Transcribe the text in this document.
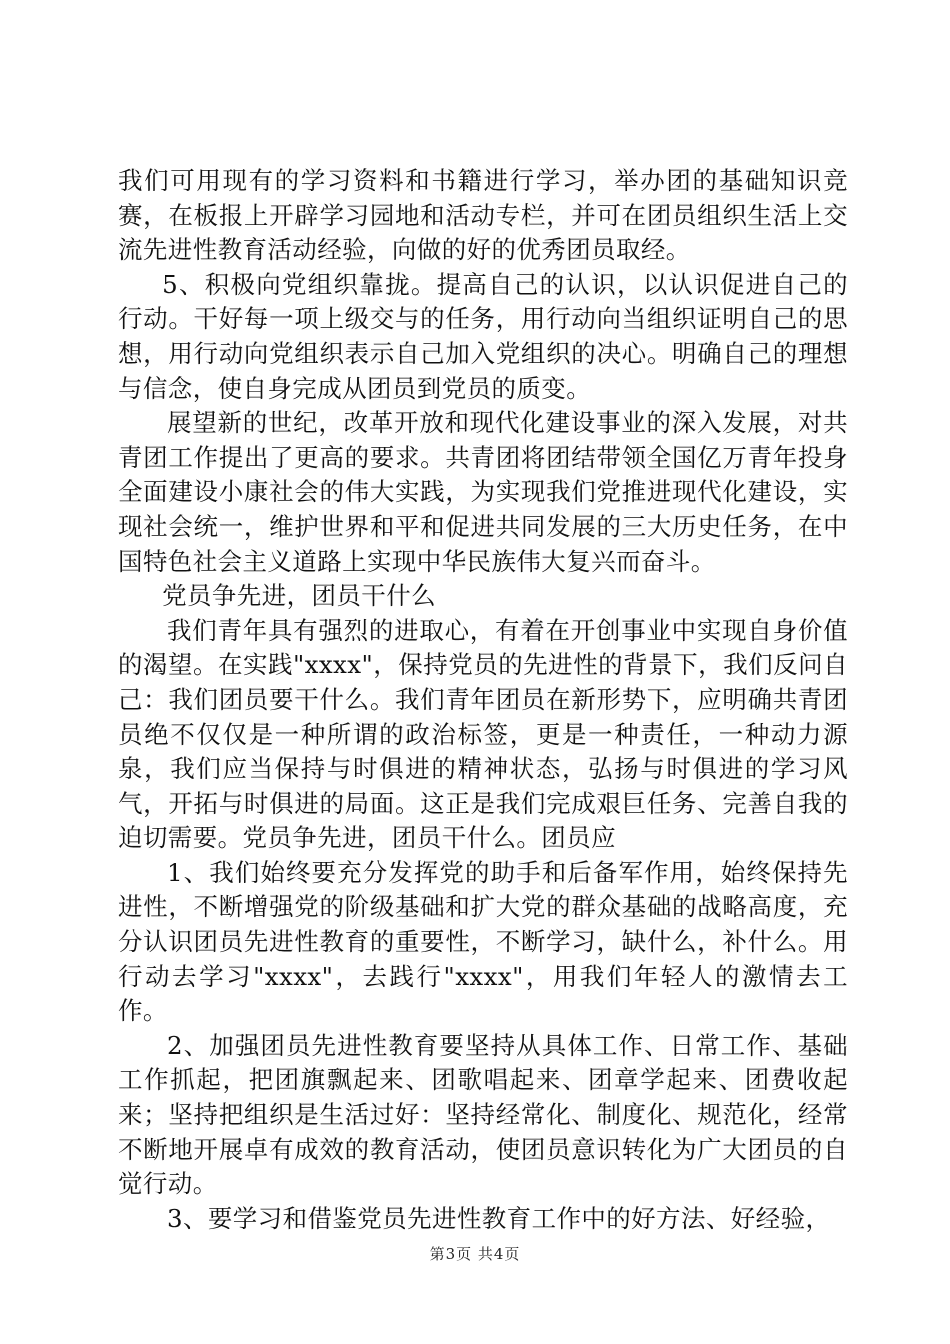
我们可用现有的学习资料和书籍进行学习，举办团的基础知识竞赛，在板报上开辟学习园地和活动专栏，并可在团员组织生活上交流先进性教育活动经验，向做的好的优秀团员取经。

5、积极向党组织靠拢。提高自己的认识，以认识促进自己的行动。干好每一项上级交与的任务，用行动向当组织证明自己的思想，用行动向党组织表示自己加入党组织的决心。明确自己的理想与信念，使自身完成从团员到党员的质变。

展望新的世纪，改革开放和现代化建设事业的深入发展，对共青团工作提出了更高的要求。共青团将团结带领全国亿万青年投身全面建设小康社会的伟大实践，为实现我们党推进现代化建设，实现社会统一，维护世界和平和促进共同发展的三大历史任务，在中国特色社会主义道路上实现中华民族伟大复兴而奋斗。

党员争先进，团员干什么

我们青年具有强烈的进取心，有着在开创事业中实现自身价值的渴望。在实践"xxxx"，保持党员的先进性的背景下，我们反问自己：我们团员要干什么。我们青年团员在新形势下，应明确共青团员绝不仅仅是一种所谓的政治标签，更是一种责任，一种动力源泉，我们应当保持与时俱进的精神状态，弘扬与时俱进的学习风气，开拓与时俱进的局面。这正是我们完成艰巨任务、完善自我的迫切需要。党员争先进，团员干什么。团员应

1、我们始终要充分发挥党的助手和后备军作用，始终保持先进性，不断增强党的阶级基础和扩大党的群众基础的战略高度，充分认识团员先进性教育的重要性，不断学习，缺什么，补什么。用行动去学习"xxxx"，去践行"xxxx"，用我们年轻人的激情去工作。

2、加强团员先进性教育要坚持从具体工作、日常工作、基础工作抓起，把团旗飘起来、团歌唱起来、团章学起来、团费收起来；坚持把组织是生活过好：坚持经常化、制度化、规范化，经常不断地开展卓有成效的教育活动，使团员意识转化为广大团员的自觉行动。

3、要学习和借鉴党员先进性教育工作中的好方法、好经验，

第3页 共4页
